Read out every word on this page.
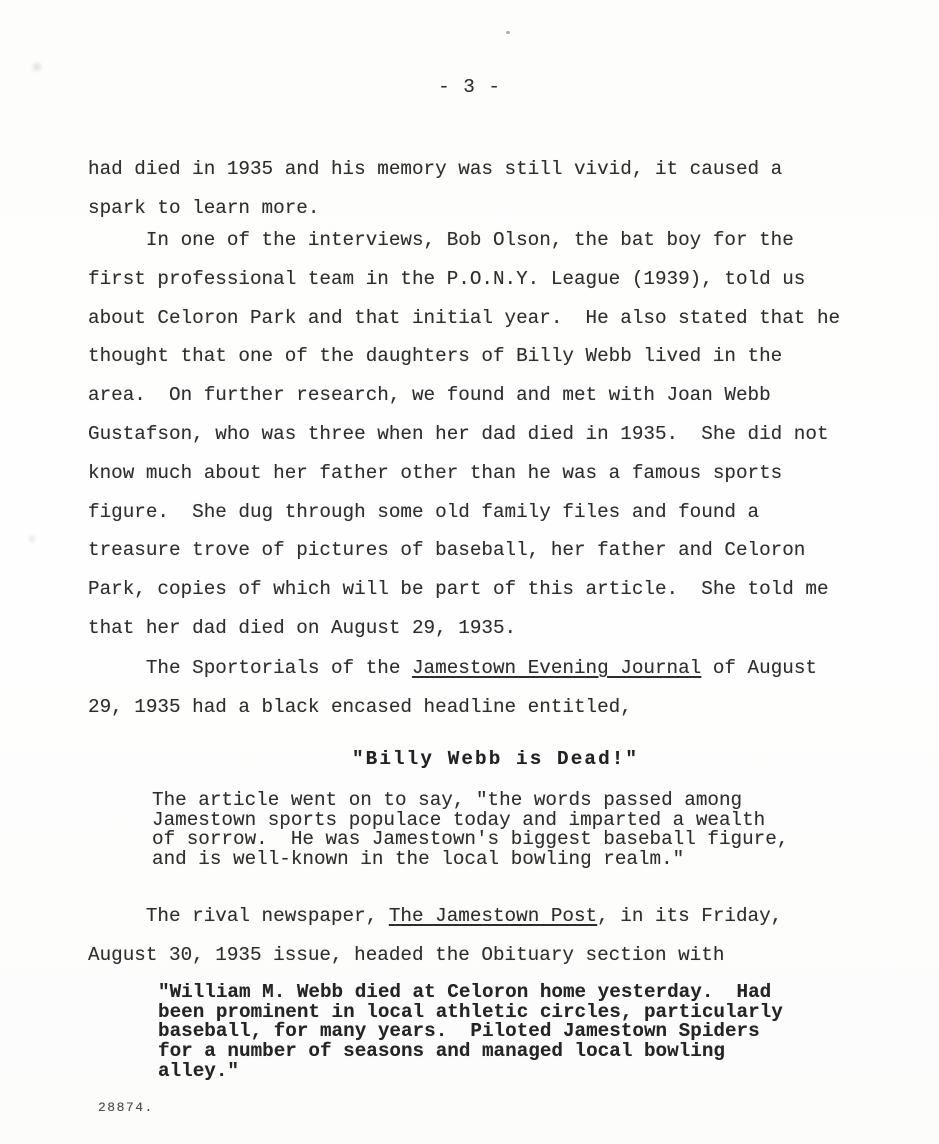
- 3 -
had died in 1935 and his memory was still vivid, it caused a
spark to learn more.
In one of the interviews, Bob Olson, the bat boy for the
first professional team in the P.O.N.Y. League (1939), told us
about Celoron Park and that initial year.  He also stated that he
thought that one of the daughters of Billy Webb lived in the
area.  On further research, we found and met with Joan Webb
Gustafson, who was three when her dad died in 1935.  She did not
know much about her father other than he was a famous sports
figure.  She dug through some old family files and found a
treasure trove of pictures of baseball, her father and Celoron
Park, copies of which will be part of this article.  She told me
that her dad died on August 29, 1935.
The Sportorials of the Jamestown Evening Journal of August
29, 1935 had a black encased headline entitled,
"Billy Webb is Dead!"
The article went on to say, "the words passed among
Jamestown sports populace today and imparted a wealth
of sorrow.  He was Jamestown's biggest baseball figure,
and is well-known in the local bowling realm."
The rival newspaper, The Jamestown Post, in its Friday,
August 30, 1935 issue, headed the Obituary section with
"William M. Webb died at Celoron home yesterday.  Had
been prominent in local athletic circles, particularly
baseball, for many years.  Piloted Jamestown Spiders
for a number of seasons and managed local bowling
alley."
28874.
